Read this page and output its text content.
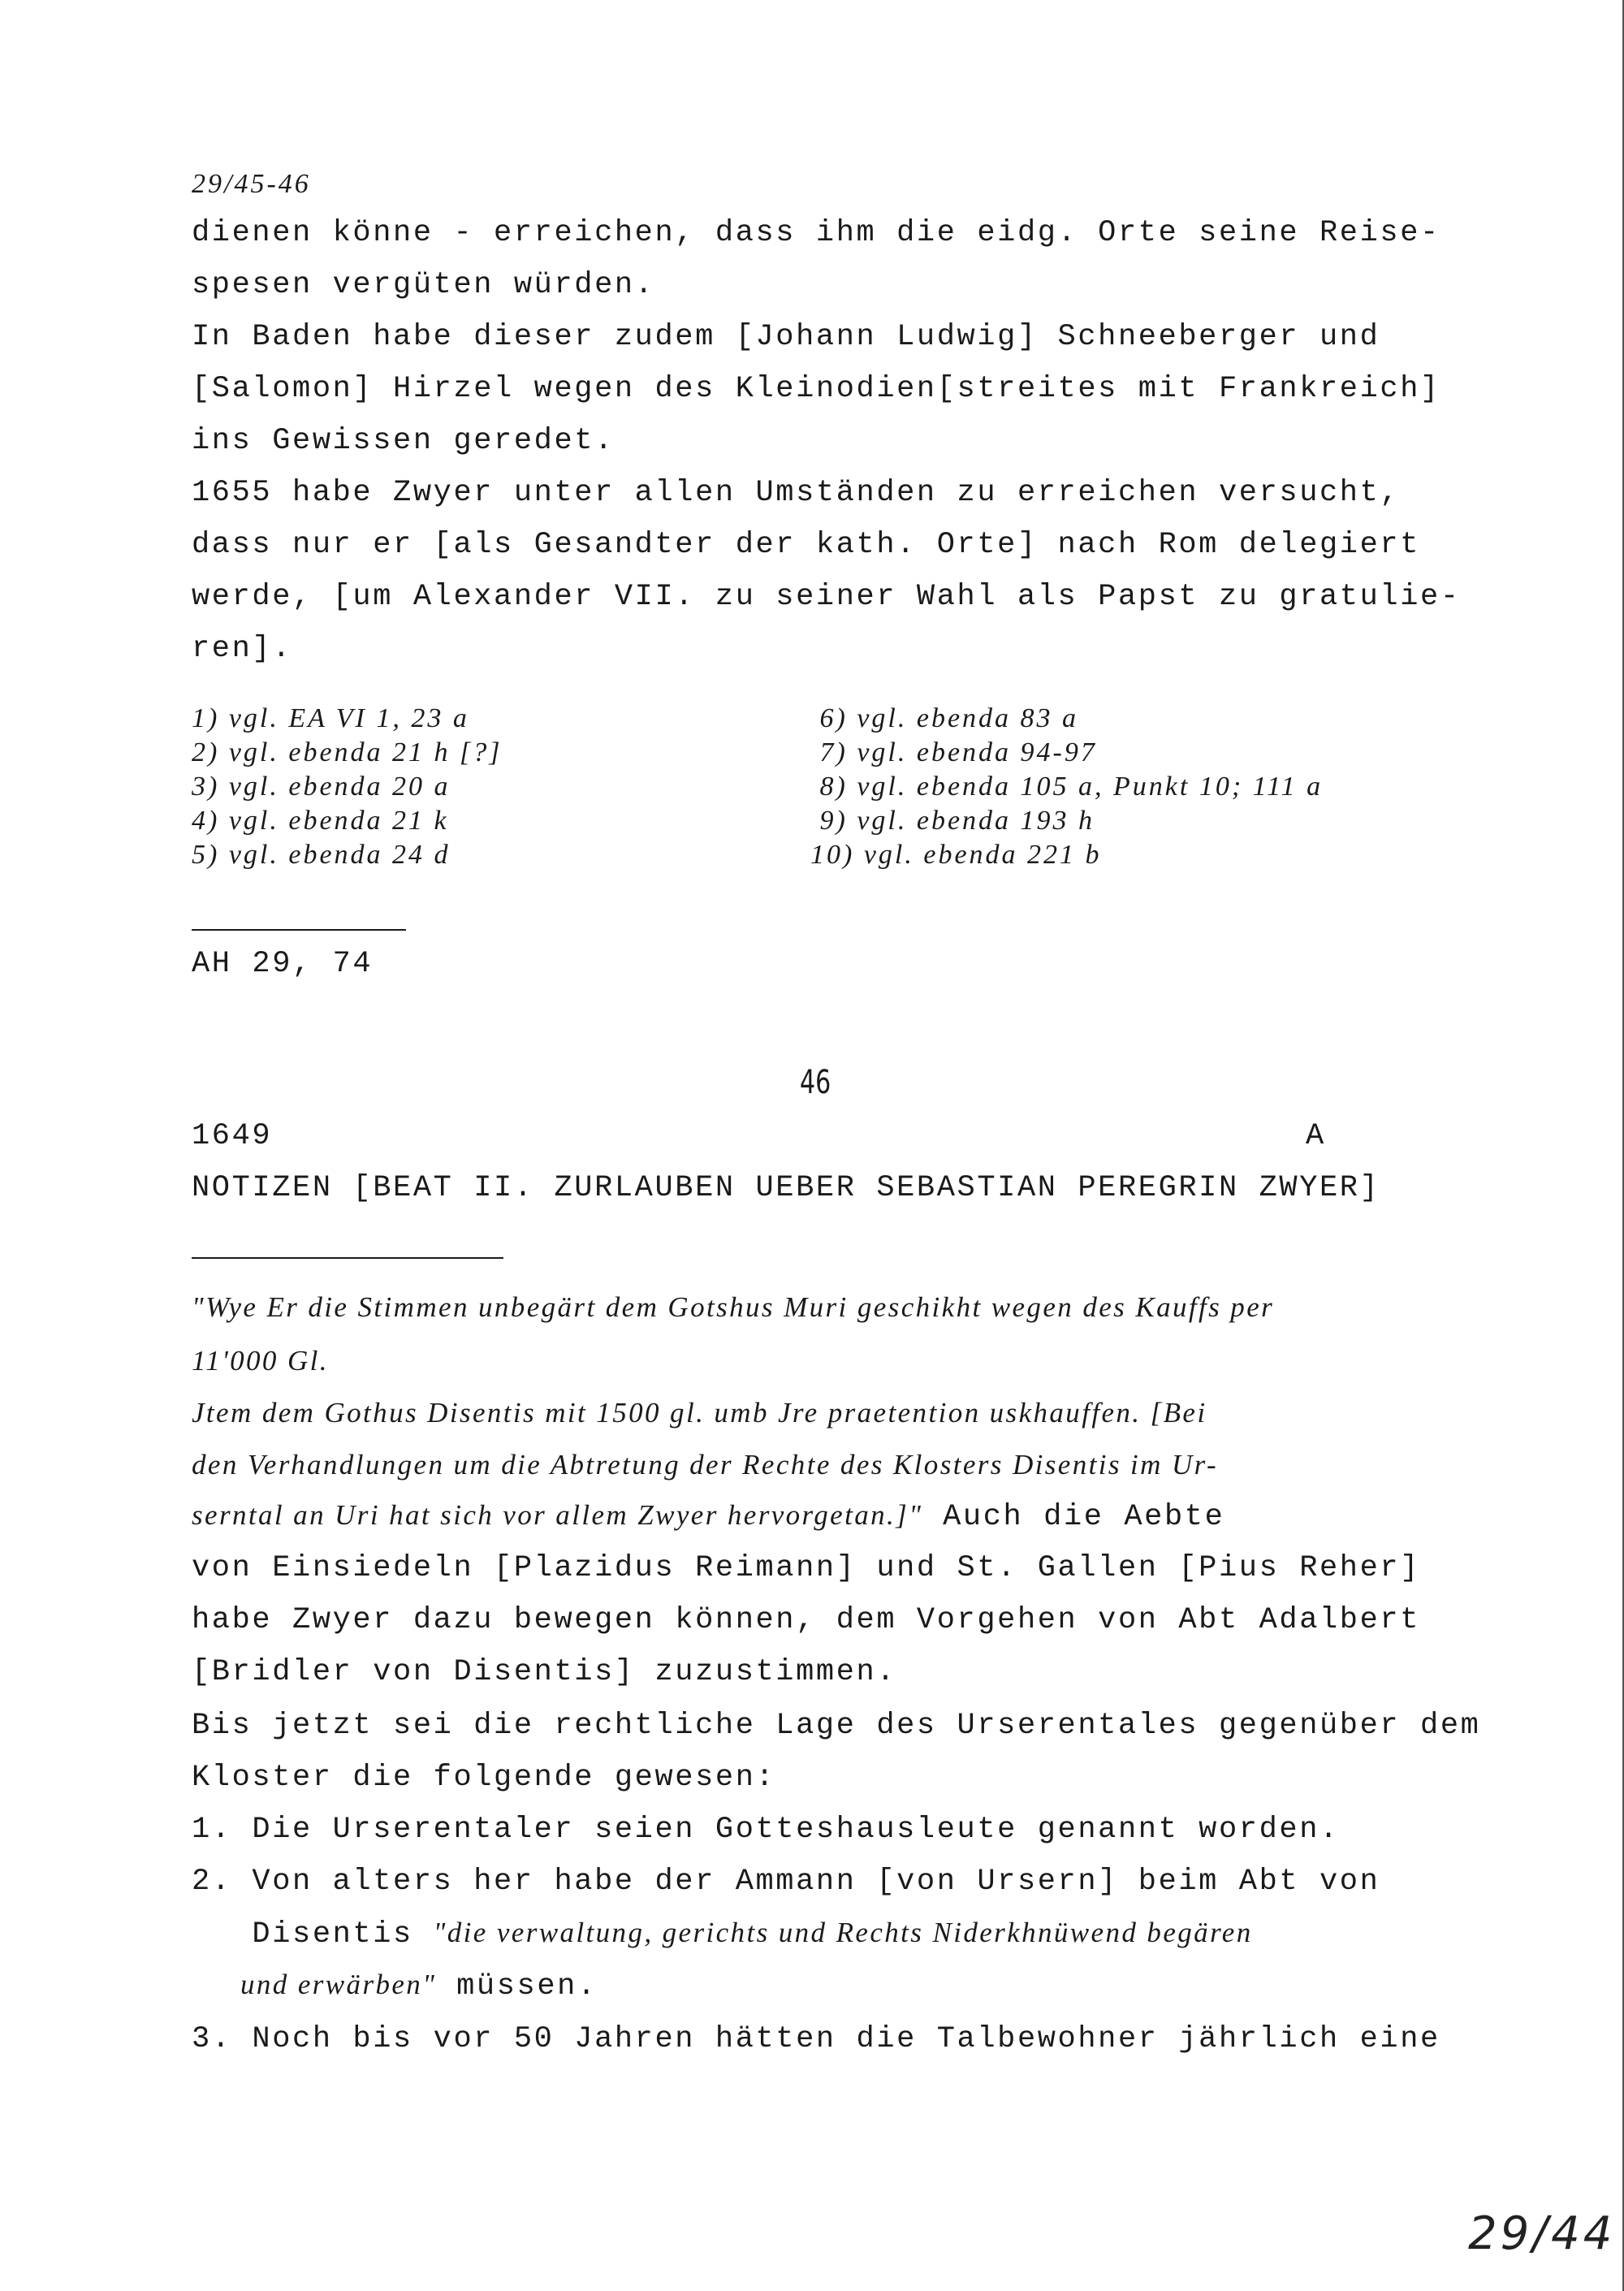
29/45-46
dienen könne - erreichen, dass ihm die eidg. Orte seine Reise-
spesen vergüten würden.
In Baden habe dieser zudem [Johann Ludwig] Schneeberger und
[Salomon] Hirzel wegen des Kleinodien[streites mit Frankreich]
ins Gewissen geredet.
1655 habe Zwyer unter allen Umständen zu erreichen versucht,
dass nur er [als Gesandter der kath. Orte] nach Rom delegiert
werde, [um Alexander VII. zu seiner Wahl als Papst zu gratulie-
ren].
1) vgl. EA VI 1, 23 a
2) vgl. ebenda 21 h [?]
3) vgl. ebenda 20 a
4) vgl. ebenda 21 k
5) vgl. ebenda 24 d
6) vgl. ebenda 83 a
7) vgl. ebenda 94-97
8) vgl. ebenda 105 a, Punkt 10; 111 a
9) vgl. ebenda 193 h
10) vgl. ebenda 221 b
AH 29, 74
46
1649	A
NOTIZEN [BEAT II. ZURLAUBEN UEBER SEBASTIAN PEREGRIN ZWYER]
"Wye Er die Stimmen unbegärt dem Gotshus Muri geschikht wegen des Kauffs per
11'000 Gl.
Jtem dem Gothus Disentis mit 1500 gl. umb Jre praetention uskhauffen. [Bei
den Verhandlungen um die Abtretung der Rechte des Klosters Disentis im Ur-
serntal an Uri hat sich vor allem Zwyer hervorgetan.]" Auch die Aebte
von Einsiedeln [Plazidus Reimann] und St. Gallen [Pius Reher]
habe Zwyer dazu bewegen können, dem Vorgehen von Abt Adalbert
[Bridler von Disentis] zuzustimmen.
Bis jetzt sei die rechtliche Lage des Urserentales gegenüber dem
Kloster die folgende gewesen:
1. Die Urserentaler seien Gotteshausleute genannt worden.
2. Von alters her habe der Ammann [von Ursern] beim Abt von
Disentis "die verwaltung, gerichts und Rechts Niderkhnüwend begären
und erwärben" müssen.
3. Noch bis vor 50 Jahren hätten die Talbewohner jährlich eine
29/44
